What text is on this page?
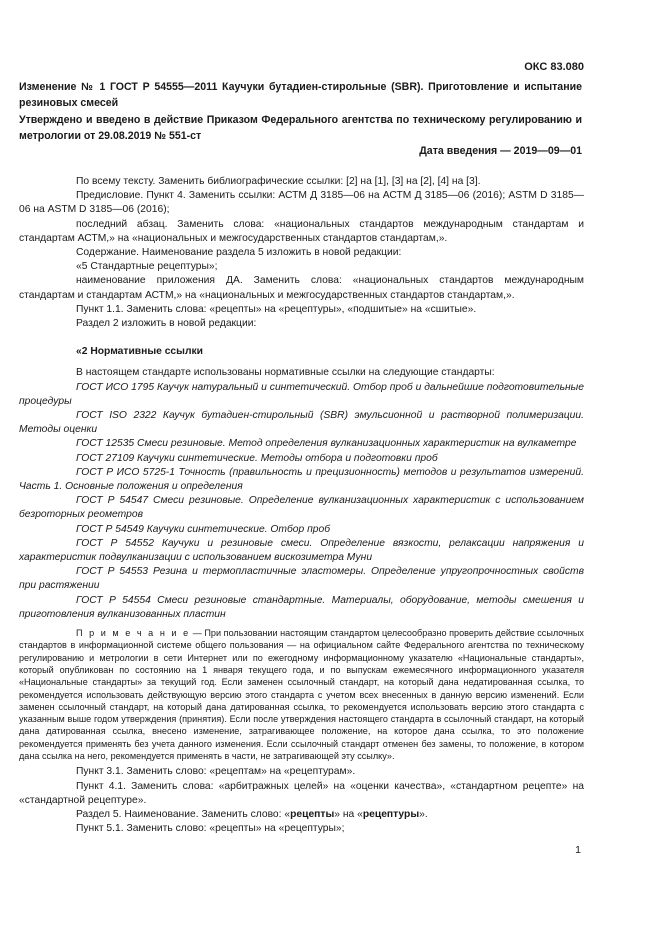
ОКС 83.080
Изменение № 1 ГОСТ Р 54555—2011 Каучуки бутадиен-стирольные (SBR). Приготовление и испытание резиновых смесей
Утверждено и введено в действие Приказом Федерального агентства по техническому регулированию и метрологии от 29.08.2019 № 551-ст
Дата введения — 2019—09—01

По всему тексту. Заменить библиографические ссылки: [2] на [1], [3] на [2], [4] на [3].

Предисловие. Пункт 4. Заменить ссылки: АСТМ Д 3185—06 на АСТМ Д 3185—06 (2016); ASTM D 3185—06 на ASTM D 3185—06 (2016);

последний абзац. Заменить слова: «национальных стандартов международным стандартам и стандартам АСТМ,» на «национальных и межгосударственных стандартов стандартам,».

Содержание. Наименование раздела 5 изложить в новой редакции:

«5 Стандартные рецептуры»;

наименование приложения ДА. Заменить слова: «национальных стандартов международным стандартам и стандартам АСТМ,» на «национальных и межгосударственных стандартов стандартам,».

Пункт 1.1. Заменить слова: «рецепты» на «рецептуры», «подшитые» на «сшитые».

Раздел 2 изложить в новой редакции:

«2 Нормативные ссылки

В настоящем стандарте использованы нормативные ссылки на следующие стандарты:

ГОСТ ИСО 1795 Каучук натуральный и синтетический. Отбор проб и дальнейшие подготовительные процедуры

ГОСТ ISO 2322 Каучук бутадиен-стирольный (SBR) эмульсионной и растворной полимеризации. Методы оценки

ГОСТ 12535 Смеси резиновые. Метод определения вулканизационных характеристик на вулкаметре

ГОСТ 27109 Каучуки синтетические. Методы отбора и подготовки проб

ГОСТ Р ИСО 5725-1 Точность (правильность и прецизионность) методов и результатов измерений. Часть 1. Основные положения и определения

ГОСТ Р 54547 Смеси резиновые. Определение вулканизационных характеристик с использованием безроторных реометров

ГОСТ Р 54549 Каучуки синтетические. Отбор проб

ГОСТ Р 54552 Каучуки и резиновые смеси. Определение вязкости, релаксации напряжения и характеристик подвулканизации с использованием вискозиметра Муни

ГОСТ Р 54553 Резина и термопластичные эластомеры. Определение упругопрочностных свойств при растяжении

ГОСТ Р 54554 Смеси резиновые стандартные. Материалы, оборудование, методы смешения и приготовления вулканизованных пластин

П р и м е ч а н и е — При пользовании настоящим стандартом целесообразно проверить действие ссылочных стандартов в информационной системе общего пользования — на официальном сайте Федерального агентства по техническому регулированию и метрологии в сети Интернет или по ежегодному информационному указателю «Национальные стандарты», который опубликован по состоянию на 1 января текущего года, и по выпускам ежемесячного информационного указателя «Национальные стандарты» за текущий год. Если заменен ссылочный стандарт, на который дана недатированная ссылка, то рекомендуется использовать действующую версию этого стандарта с учетом всех внесенных в данную версию изменений. Если заменен ссылочный стандарт, на который дана датированная ссылка, то рекомендуется использовать версию этого стандарта с указанным выше годом утверждения (принятия). Если после утверждения настоящего стандарта в ссылочный стандарт, на который дана датированная ссылка, внесено изменение, затрагивающее положение, на которое дана ссылка, то это положение рекомендуется применять без учета данного изменения. Если ссылочный стандарт отменен без замены, то положение, в котором дана ссылка на него, рекомендуется применять в части, не затрагивающей эту ссылку».

Пункт 3.1. Заменить слово: «рецептам» на «рецептурам».

Пункт 4.1. Заменить слова: «арбитражных целей» на «оценки качества», «стандартном рецепте» на «стандартной рецептуре».

Раздел 5. Наименование. Заменить слово: «рецепты» на «рецептуры».

Пункт 5.1. Заменить слово: «рецепты» на «рецептуры»;

1
